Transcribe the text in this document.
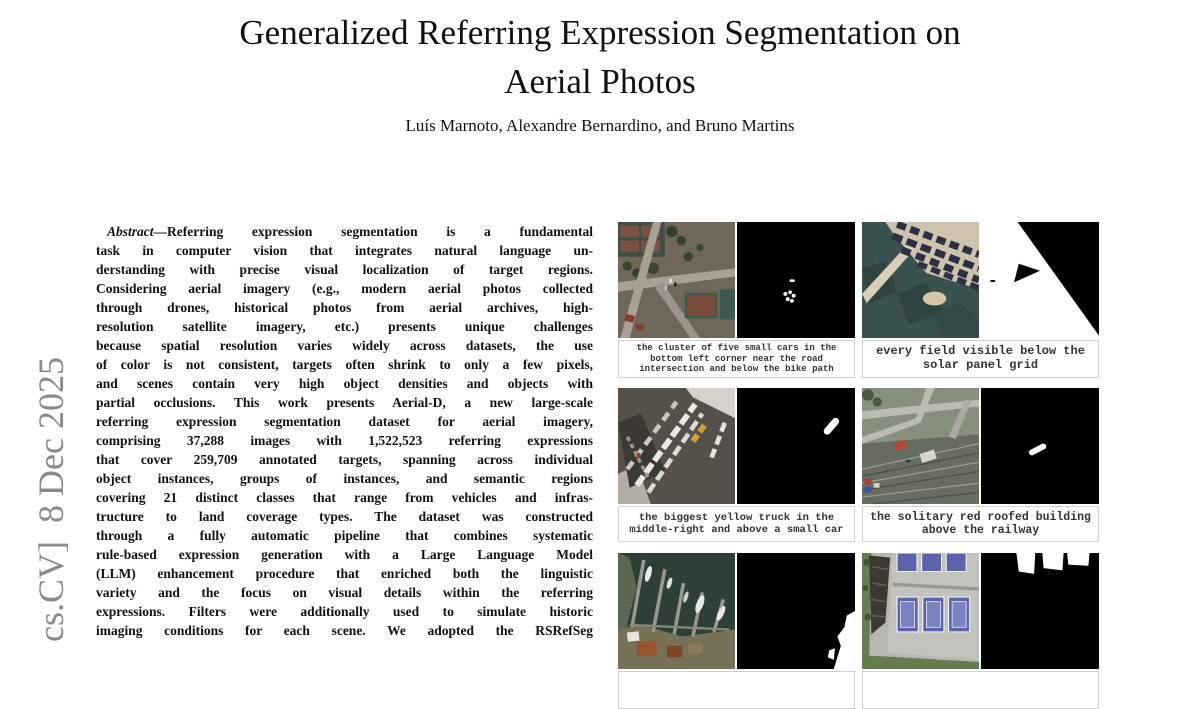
cs.CV]  8 Dec 2025
Generalized Referring Expression Segmentation on
Aerial Photos
Luís Marnoto, Alexandre Bernardino, and Bruno Martins
Abstract—Referring expression segmentation is a fundamental
task in computer vision that integrates natural language un-
derstanding with precise visual localization of target regions.
Considering aerial imagery (e.g., modern aerial photos collected
through drones, historical photos from aerial archives, high-
resolution satellite imagery, etc.) presents unique challenges
because spatial resolution varies widely across datasets, the use
of color is not consistent, targets often shrink to only a few pixels,
and scenes contain very high object densities and objects with
partial occlusions. This work presents Aerial-D, a new large-scale
referring expression segmentation dataset for aerial imagery,
comprising 37,288 images with 1,522,523 referring expressions
that cover 259,709 annotated targets, spanning across individual
object instances, groups of instances, and semantic regions
covering 21 distinct classes that range from vehicles and infras-
tructure to land coverage types. The dataset was constructed
through a fully automatic pipeline that combines systematic
rule-based expression generation with a Large Language Model
(LLM) enhancement procedure that enriched both the linguistic
variety and the focus on visual details within the referring
expressions. Filters were additionally used to simulate historic
imaging conditions for each scene. We adopted the RSRefSeg
the cluster of five small cars in the bottom left corner near the road intersection and below the bike path
every field visible below the solar panel grid
the biggest yellow truck in the middle-right and above a small car
the solitary red roofed building above the railway
